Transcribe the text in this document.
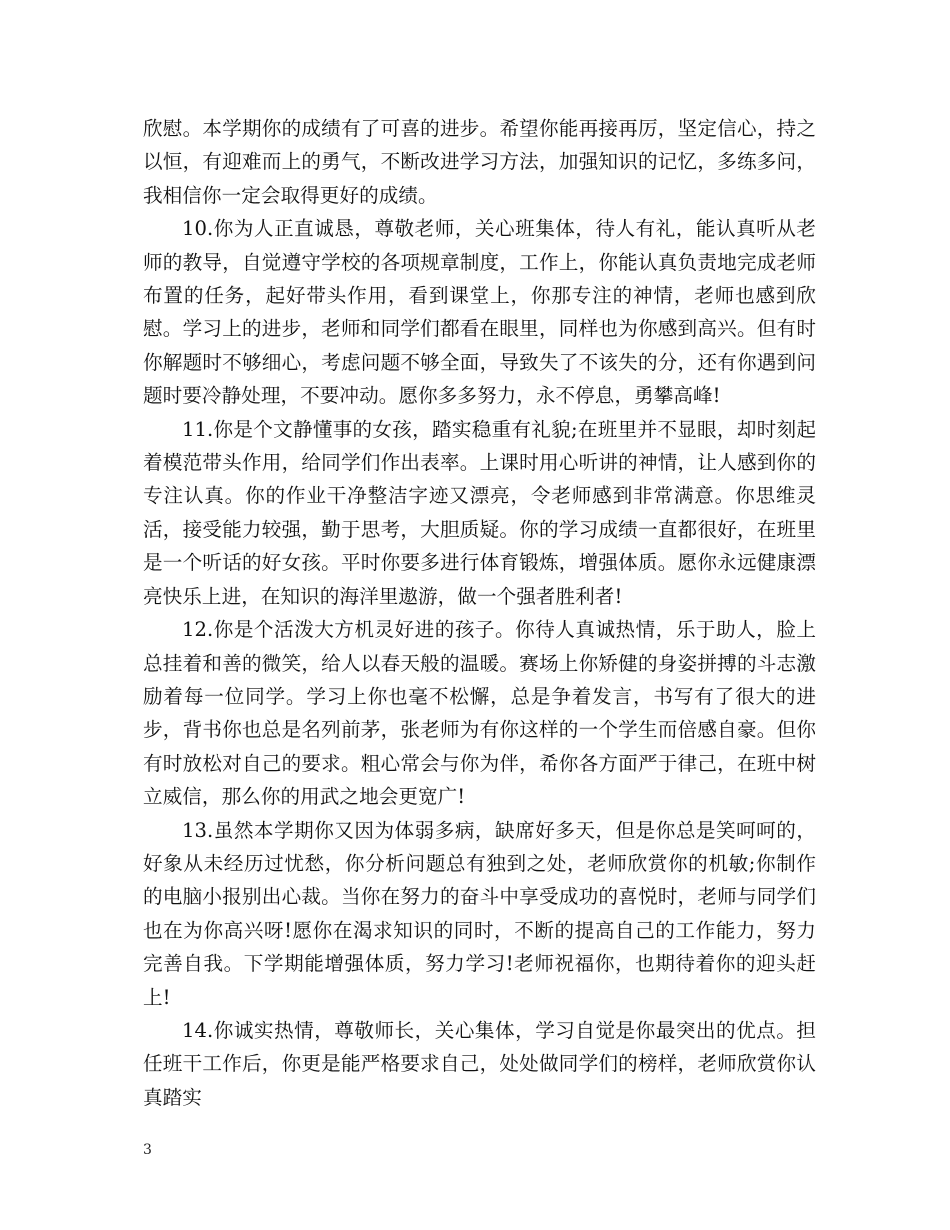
欣慰。本学期你的成绩有了可喜的进步。希望你能再接再厉，坚定信心，持之以恒，有迎难而上的勇气，不断改进学习方法，加强知识的记忆，多练多问，我相信你一定会取得更好的成绩。

10.你为人正直诚恳，尊敬老师，关心班集体，待人有礼，能认真听从老师的教导，自觉遵守学校的各项规章制度，工作上，你能认真负责地完成老师布置的任务，起好带头作用，看到课堂上，你那专注的神情，老师也感到欣慰。学习上的进步，老师和同学们都看在眼里，同样也为你感到高兴。但有时你解题时不够细心，考虑问题不够全面，导致失了不该失的分，还有你遇到问题时要冷静处理，不要冲动。愿你多多努力，永不停息，勇攀高峰!

11.你是个文静懂事的女孩，踏实稳重有礼貌;在班里并不显眼，却时刻起着模范带头作用，给同学们作出表率。上课时用心听讲的神情，让人感到你的专注认真。你的作业干净整洁字迹又漂亮，令老师感到非常满意。你思维灵活，接受能力较强，勤于思考，大胆质疑。你的学习成绩一直都很好，在班里是一个听话的好女孩。平时你要多进行体育锻炼，增强体质。愿你永远健康漂亮快乐上进，在知识的海洋里遨游，做一个强者胜利者!

12.你是个活泼大方机灵好进的孩子。你待人真诚热情，乐于助人，脸上总挂着和善的微笑，给人以春天般的温暖。赛场上你矫健的身姿拼搏的斗志激励着每一位同学。学习上你也毫不松懈，总是争着发言，书写有了很大的进步，背书你也总是名列前茅，张老师为有你这样的一个学生而倍感自豪。但你有时放松对自己的要求。粗心常会与你为伴，希你各方面严于律己，在班中树立威信，那么你的用武之地会更宽广!

13.虽然本学期你又因为体弱多病，缺席好多天，但是你总是笑呵呵的，好象从未经历过忧愁，你分析问题总有独到之处，老师欣赏你的机敏;你制作的电脑小报别出心裁。当你在努力的奋斗中享受成功的喜悦时，老师与同学们也在为你高兴呀!愿你在渴求知识的同时，不断的提高自己的工作能力，努力完善自我。下学期能增强体质，努力学习!老师祝福你，也期待着你的迎头赶上!

14.你诚实热情，尊敬师长，关心集体，学习自觉是你最突出的优点。担任班干工作后，你更是能严格要求自己，处处做同学们的榜样，老师欣赏你认真踏实

3
